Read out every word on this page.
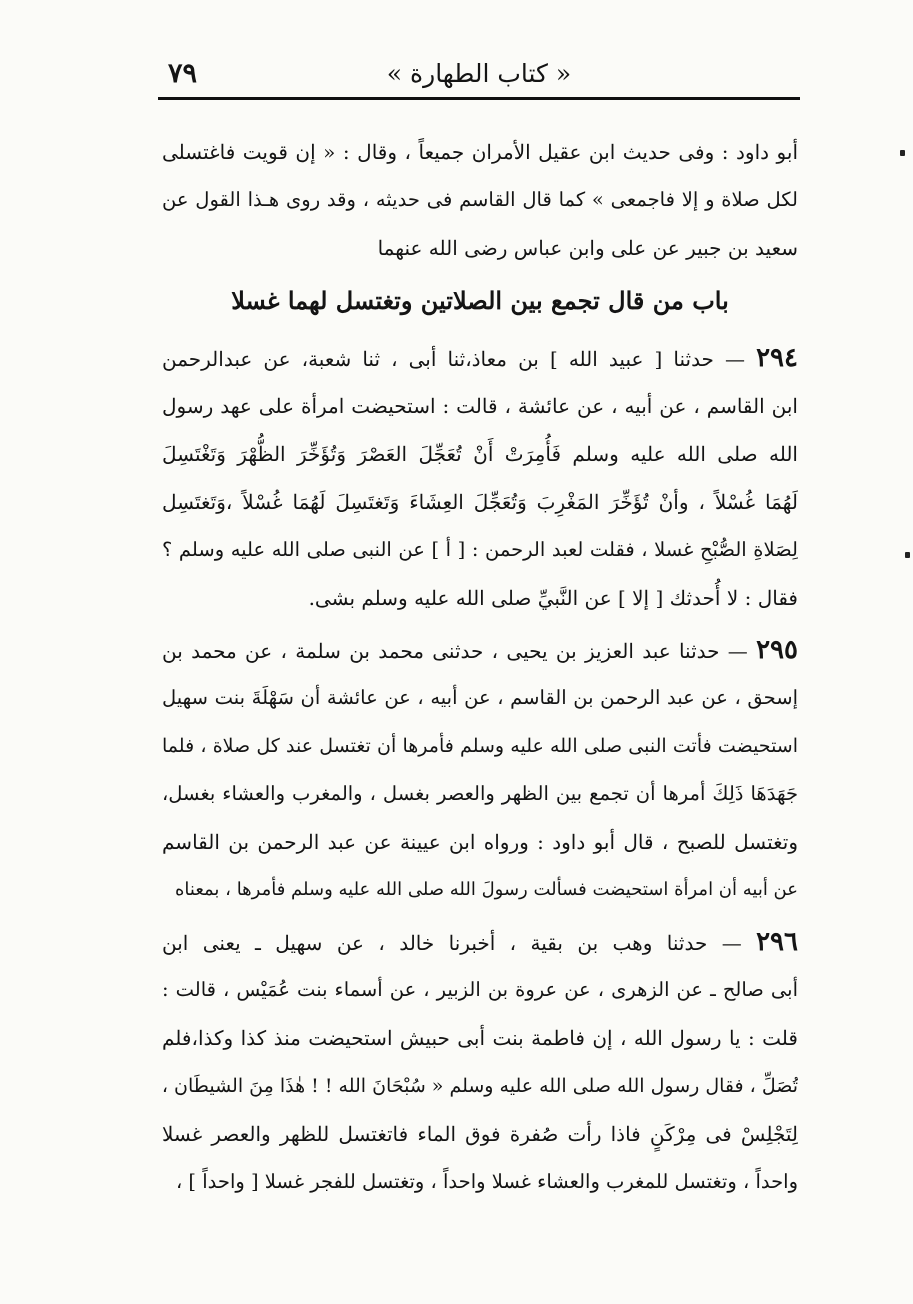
« كتاب الطهارة »
٧٩
أبو داود : وفى حديث ابن عقيل الأمران جميعاً ، وقال : « إن قويت فاغتسلى
لكل صلاة و إلا فاجمعى » كما قال القاسم فى حديثه ، وقد روى هـذا القول عن
سعيد بن جبير عن على وابن عباس رضى الله عنهما
باب من قال تجمع بين الصلاتين وتغتسل لهما غسلا
٢٩٤ — حدثنا [ عبيد الله ] بن معاذ،ثنا أبى ، ثنا شعبة، عن عبدالرحمن
ابن القاسم ، عن أبيه ، عن عائشة ، قالت : استحيضت امرأة على عهد رسول
الله صلى الله عليه وسلم فَأُمِرَتْ أَنْ تُعَجِّلَ العَصْرَ وَتُؤَخِّرَ الظُّهْرَ وَتَغْتَسِلَ
لَهُمَا غُسْلاً ، وأنْ تُؤَخِّرَ المَغْرِبَ وَتُعَجِّلَ العِشَاءَ وَتَغتَسِلَ لَهُمَا غُسْلاً ،وَتَغتَسِل
لِصَلاةِ الصُّبْحِ غسلا ، فقلت لعبد الرحمن : [ أ ] عن النبى صلى الله عليه وسلم ؟
فقال : لا أُحدثك [ إلا ] عن النَّبيِّ صلى الله عليه وسلم بشى.
٢٩٥ — حدثنا عبد العزيز بن يحيى ، حدثنى محمد بن سلمة ، عن محمد بن
إسحق ، عن عبد الرحمن بن القاسم ، عن أبيه ، عن عائشة أن سَهْلَةَ بنت سهيل
استحيضت فأتت النبى صلى الله عليه وسلم فأمرها أن تغتسل عند كل صلاة ، فلما
جَهَدَهَا ذَلِكَ أمرها أن تجمع بين الظهر والعصر بغسل ، والمغرب والعشاء بغسل،
وتغتسل للصبح ، قال أبو داود : ورواه ابن عيينة عن عبد الرحمن بن القاسم
عن أبيه أن امرأة استحيضت فسألت رسولَ الله صلى الله عليه وسلم فأمرها ، بمعناه
٢٩٦ — حدثنا وهب بن بقية ، أخبرنا خالد ، عن سهيل ـ يعنى ابن
أبى صالح ـ عن الزهرى ، عن عروة بن الزبير ، عن أسماء بنت عُمَيْس ، قالت :
قلت : يا رسول الله ، إن فاطمة بنت أبى حبيش استحيضت منذ كذا وكذا،فلم
تُصَلِّ ، فقال رسول الله صلى الله عليه وسلم « سُبْحَانَ الله ! ! هٰذَا مِنَ الشيطَان ،
لِتَجْلِسْ فى مِرْكَنٍ فاذا رأت صُفرة فوق الماء فاتغتسل للظهر والعصر غسلا
واحداً ، وتغتسل للمغرب والعشاء غسلا واحداً ، وتغتسل للفجر غسلا [ واحداً ] ،
